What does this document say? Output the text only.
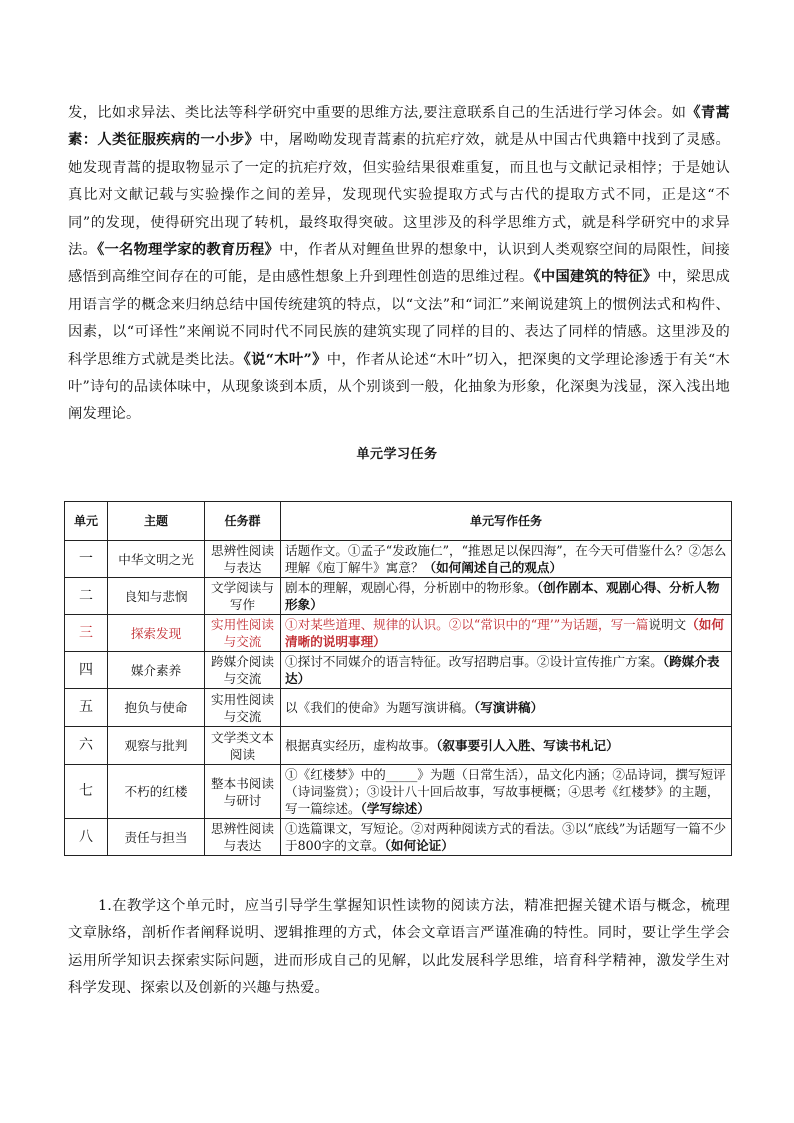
发，比如求异法、类比法等科学研究中重要的思维方法,要注意联系自己的生活进行学习体会。如《青蒿素：人类征服疾病的一小步》中，屠呦呦发现青蒿素的抗疟疗效，就是从中国古代典籍中找到了灵感。她发现青蒿的提取物显示了一定的抗疟疗效，但实验结果很难重复，而且也与文献记录相悖；于是她认真比对文献记载与实验操作之间的差异，发现现代实验提取方式与古代的提取方式不同，正是这“不同”的发现，使得研究出现了转机，最终取得突破。这里涉及的科学思维方式，就是科学研究中的求异法。《一名物理学家的教育历程》中，作者从对鲤鱼世界的想象中，认识到人类观察空间的局限性，间接感悟到高维空间存在的可能，是由感性想象上升到理性创造的思维过程。《中国建筑的特征》中，梁思成用语言学的概念来归纳总结中国传统建筑的特点，以“文法”和“词汇”来阐说建筑上的惯例法式和构件、因素，以“可译性”来阐说不同时代不同民族的建筑实现了同样的目的、表达了同样的情感。这里涉及的科学思维方式就是类比法。《说“木叶”》中，作者从论述“木叶”切入，把深奥的文学理论渗透于有关“木叶”诗句的品读体味中，从现象谈到本质，从个别谈到一般，化抽象为形象，化深奥为浅显，深入浅出地阐发理论。
单元学习任务
单元	主题	任务群	单元写作任务
一	中华文明之光	思辨性阅读与表达	话题作文。①孟子“发政施仁”，“推恩足以保四海”，在今天可借鉴什么？②怎么理解《庖丁解牛》寓意？（如何阐述自己的观点）
二	良知与悲悯	文学阅读与写作	剧本的理解，观剧心得，分析剧中的物形象。（创作剧本、观剧心得、分析人物形象）
三	探索发现	实用性阅读与交流	①对某些道理、规律的认识。②以“常识中的“理’”为话题，写一篇说明文（如何清晰的说明事理）
四	媒介素养	跨媒介阅读与交流	①探讨不同媒介的语言特征。改写招聘启事。②设计宣传推广方案。（跨媒介表达）
五	抱负与使命	实用性阅读与交流	以《我们的使命》为题写演讲稿。（写演讲稿）
六	观察与批判	文学类文本阅读	根据真实经历，虚构故事。（叙事要引人入胜、写读书札记）
七	不朽的红楼	整本书阅读与研讨	①《红楼梦》中的_____》为题（日常生活），品文化内涵；②品诗词，撰写短评（诗词鉴赏）；③设计八十回后故事，写故事梗概；④思考《红楼梦》的主题，写一篇综述。（学写综述）
八	责任与担当	思辨性阅读与表达	①选篇课文，写短论。②对两种阅读方式的看法。③以“底线”为话题写一篇不少于800字的文章。（如何论证）
1.在教学这个单元时，应当引导学生掌握知识性读物的阅读方法，精准把握关键术语与概念，梳理文章脉络，剖析作者阐释说明、逻辑推理的方式，体会文章语言严谨准确的特性。同时，要让学生学会运用所学知识去探索实际问题，进而形成自己的见解，以此发展科学思维，培育科学精神，激发学生对科学发现、探索以及创新的兴趣与热爱。
